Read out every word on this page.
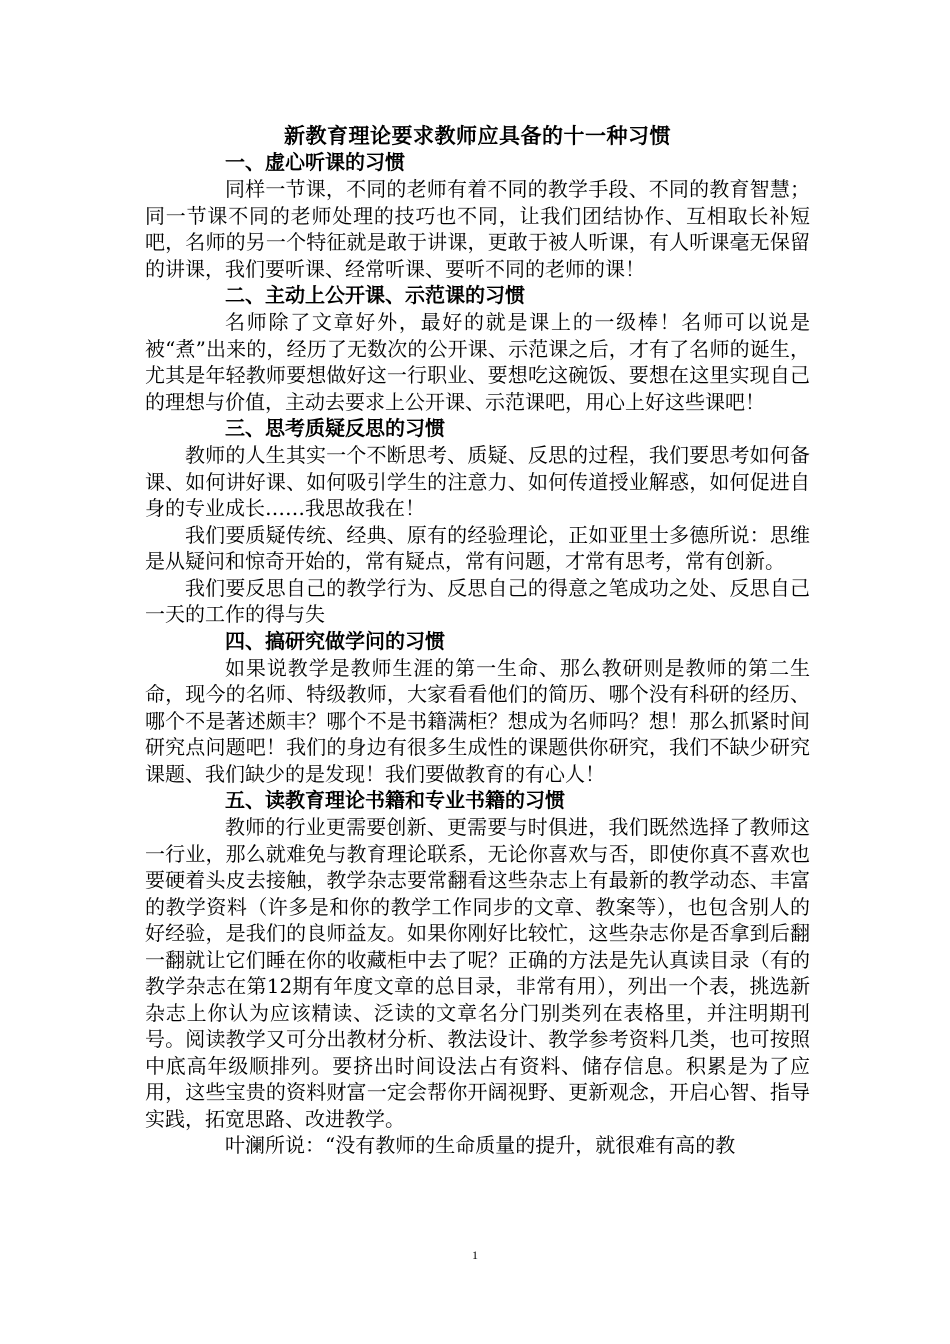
新教育理论要求教师应具备的十一种习惯

一、虚心听课的习惯

同样一节课，不同的老师有着不同的教学手段、不同的教育智慧；同一节课不同的老师处理的技巧也不同，让我们团结协作、互相取长补短吧，名师的另一个特征就是敢于讲课，更敢于被人听课，有人听课毫无保留的讲课，我们要听课、经常听课、要听不同的老师的课！

二、主动上公开课、示范课的习惯

名师除了文章好外，最好的就是课上的一级棒！名师可以说是被“煮”出来的，经历了无数次的公开课、示范课之后，才有了名师的诞生，尤其是年轻教师要想做好这一行职业、要想吃这碗饭、要想在这里实现自己的理想与价值，主动去要求上公开课、示范课吧，用心上好这些课吧！

三、思考质疑反思的习惯

教师的人生其实一个不断思考、质疑、反思的过程，我们要思考如何备课、如何讲好课、如何吸引学生的注意力、如何传道授业解惑，如何促进自身的专业成长……我思故我在！

我们要质疑传统、经典、原有的经验理论，正如亚里士多德所说：思维是从疑问和惊奇开始的，常有疑点，常有问题，才常有思考，常有创新。

我们要反思自己的教学行为、反思自己的得意之笔成功之处、反思自己一天的工作的得与失

四、搞研究做学问的习惯

如果说教学是教师生涯的第一生命、那么教研则是教师的第二生命，现今的名师、特级教师，大家看看他们的简历、哪个没有科研的经历、哪个不是著述颇丰？哪个不是书籍满柜？想成为名师吗？想！那么抓紧时间研究点问题吧！我们的身边有很多生成性的课题供你研究，我们不缺少研究课题、我们缺少的是发现！我们要做教育的有心人！

五、读教育理论书籍和专业书籍的习惯

教师的行业更需要创新、更需要与时俱进，我们既然选择了教师这一行业，那么就难免与教育理论联系，无论你喜欢与否，即使你真不喜欢也要硬着头皮去接触，教学杂志要常翻看这些杂志上有最新的教学动态、丰富的教学资料（许多是和你的教学工作同步的文章、教案等），也包含别人的好经验，是我们的良师益友。如果你刚好比较忙，这些杂志你是否拿到后翻一翻就让它们睡在你的收藏柜中去了呢？正确的方法是先认真读目录（有的教学杂志在第12期有年度文章的总目录，非常有用），列出一个表，挑选新杂志上你认为应该精读、泛读的文章名分门别类列在表格里，并注明期刊号。阅读教学又可分出教材分析、教法设计、教学参考资料几类，也可按照中底高年级顺排列。要挤出时间设法占有资料、储存信息。积累是为了应用，这些宝贵的资料财富一定会帮你开阔视野、更新观念，开启心智、指导实践，拓宽思路、改进教学。

叶澜所说：“没有教师的生命质量的提升，就很难有高的教

1
